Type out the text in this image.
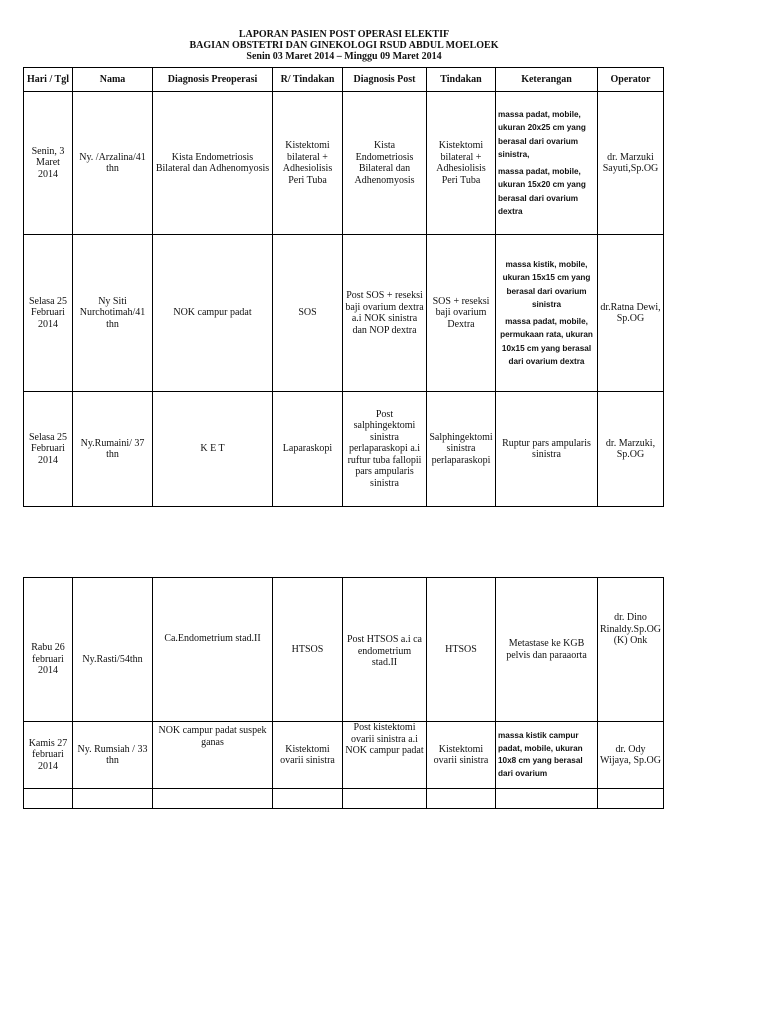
LAPORAN PASIEN POST OPERASI ELEKTIF
BAGIAN OBSTETRI DAN GINEKOLOGI RSUD ABDUL MOELOEK
Senin 03 Maret 2014 – Minggu 09 Maret 2014
Hari / Tgl	Nama	Diagnosis Preoperasi	R/ Tindakan	Diagnosis Post	Tindakan	Keterangan	Operator
Senin, 3 Maret 2014	Ny. /Arzalina/41 thn	Kista Endometriosis Bilateral dan Adhenomyosis	Kistektomi bilateral + Adhesiolisis Peri Tuba	Kista Endometriosis Bilateral dan Adhenomyosis	Kistektomi bilateral + Adhesiolisis Peri Tuba	massa padat, mobile, ukuran 20x25 cm yang berasal dari ovarium sinistra,

massa padat, mobile, ukuran 15x20 cm yang berasal dari ovarium dextra	dr. Marzuki Sayuti,Sp.OG
Selasa 25 Februari 2014	Ny Siti Nurchotimah/41 thn	NOK campur padat	SOS	Post SOS + reseksi baji ovarium dextra a.i NOK sinistra dan NOP dextra	SOS + reseksi baji ovarium Dextra	massa kistik, mobile, ukuran 15x15 cm yang berasal dari ovarium sinistra

massa padat, mobile, permukaan rata, ukuran 10x15 cm yang berasal dari ovarium dextra	dr.Ratna Dewi, Sp.OG
Selasa 25 Februari 2014	Ny.Rumaini/ 37 thn	K E T	Laparaskopi	Post salphingektomi sinistra perlaparaskopi a.i ruftur tuba fallopii pars ampularis sinistra	Salphingektomi sinistra perlaparaskopi	Ruptur pars ampularis sinistra	dr. Marzuki, Sp.OG
Rabu 26 februari 2014	Ny.Rasti/54thn	Ca.Endometrium stad.II	HTSOS	Post HTSOS a.i ca endometrium stad.II	HTSOS	Metastase ke KGB pelvis dan paraaorta	dr. Dino Rinaldy.Sp.OG (K) Onk
Kamis 27 februari 2014	Ny. Rumsiah / 33 thn	NOK campur padat suspek ganas	Kistektomi ovarii sinistra	Post kistektomi ovarii sinistra a.i NOK campur padat	Kistektomi ovarii sinistra	massa kistik campur padat, mobile, ukuran 10x8 cm yang berasal dari ovarium	dr. Ody Wijaya, Sp.OG
